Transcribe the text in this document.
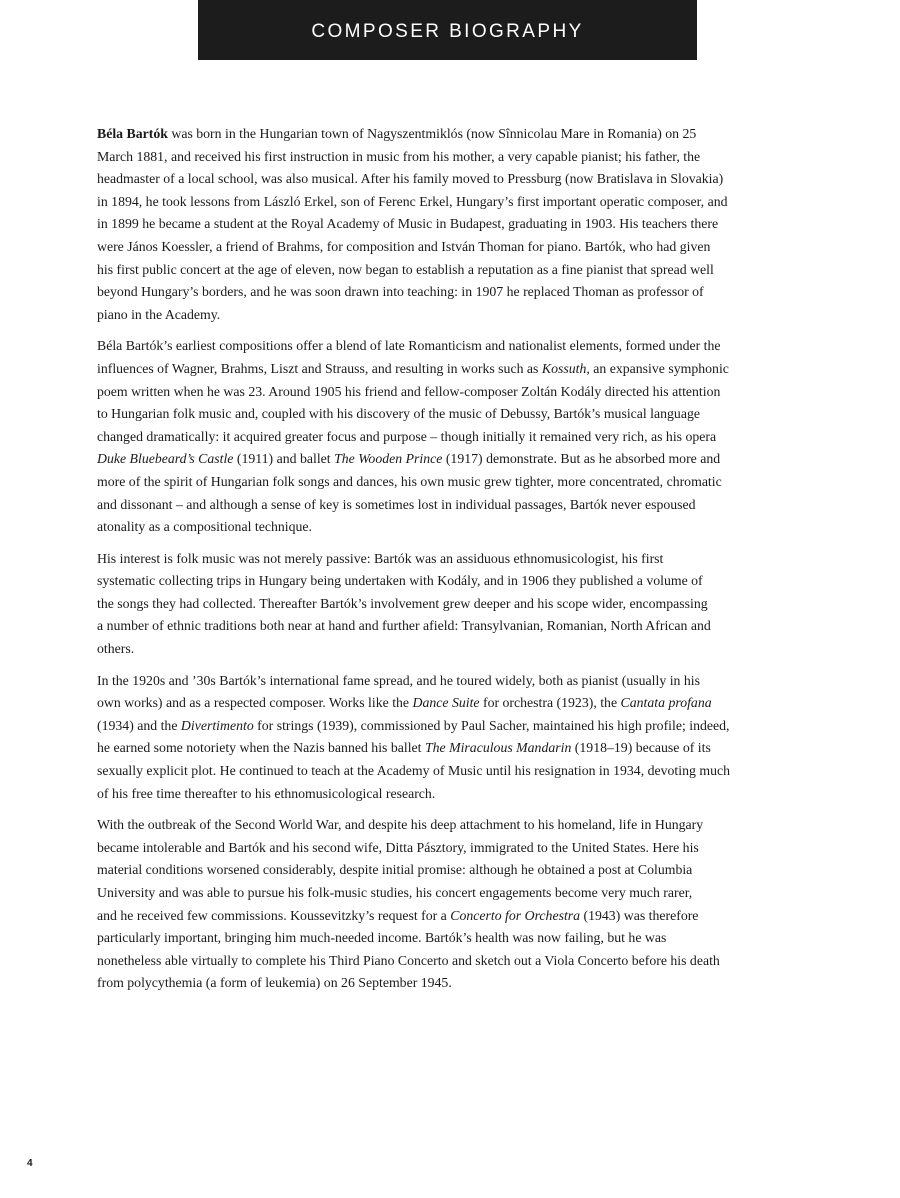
COMPOSER BIOGRAPHY

Béla Bartók was born in the Hungarian town of Nagyszentmiklós (now Sînnicolau Mare in Romania) on 25
March 1881, and received his first instruction in music from his mother, a very capable pianist; his father, the
headmaster of a local school, was also musical. After his family moved to Pressburg (now Bratislava in Slovakia)
in 1894, he took lessons from László Erkel, son of Ferenc Erkel, Hungary’s first important operatic composer, and
in 1899 he became a student at the Royal Academy of Music in Budapest, graduating in 1903. His teachers there
were János Koessler, a friend of Brahms, for composition and István Thoman for piano. Bartók, who had given
his first public concert at the age of eleven, now began to establish a reputation as a fine pianist that spread well
beyond Hungary’s borders, and he was soon drawn into teaching: in 1907 he replaced Thoman as professor of
piano in the Academy.

Béla Bartók’s earliest compositions offer a blend of late Romanticism and nationalist elements, formed under the
influences of Wagner, Brahms, Liszt and Strauss, and resulting in works such as Kossuth, an expansive symphonic
poem written when he was 23. Around 1905 his friend and fellow-composer Zoltán Kodály directed his attention
to Hungarian folk music and, coupled with his discovery of the music of Debussy, Bartók’s musical language
changed dramatically: it acquired greater focus and purpose – though initially it remained very rich, as his opera
Duke Bluebeard’s Castle (1911) and ballet The Wooden Prince (1917) demonstrate. But as he absorbed more and
more of the spirit of Hungarian folk songs and dances, his own music grew tighter, more concentrated, chromatic
and dissonant – and although a sense of key is sometimes lost in individual passages, Bartók never espoused
atonality as a compositional technique.

His interest is folk music was not merely passive: Bartók was an assiduous ethnomusicologist, his first
systematic collecting trips in Hungary being undertaken with Kodály, and in 1906 they published a volume of
the songs they had collected. Thereafter Bartók’s involvement grew deeper and his scope wider, encompassing
a number of ethnic traditions both near at hand and further afield: Transylvanian, Romanian, North African and
others.

In the 1920s and ’30s Bartók’s international fame spread, and he toured widely, both as pianist (usually in his
own works) and as a respected composer. Works like the Dance Suite for orchestra (1923), the Cantata profana
(1934) and the Divertimento for strings (1939), commissioned by Paul Sacher, maintained his high profile; indeed,
he earned some notoriety when the Nazis banned his ballet The Miraculous Mandarin (1918–19) because of its
sexually explicit plot. He continued to teach at the Academy of Music until his resignation in 1934, devoting much
of his free time thereafter to his ethnomusicological research.

With the outbreak of the Second World War, and despite his deep attachment to his homeland, life in Hungary
became intolerable and Bartók and his second wife, Ditta Pásztory, immigrated to the United States. Here his
material conditions worsened considerably, despite initial promise: although he obtained a post at Columbia
University and was able to pursue his folk-music studies, his concert engagements become very much rarer,
and he received few commissions. Koussevitzky’s request for a Concerto for Orchestra (1943) was therefore
particularly important, bringing him much-needed income. Bartók’s health was now failing, but he was
nonetheless able virtually to complete his Third Piano Concerto and sketch out a Viola Concerto before his death
from polycythemia (a form of leukemia) on 26 September 1945.

4
